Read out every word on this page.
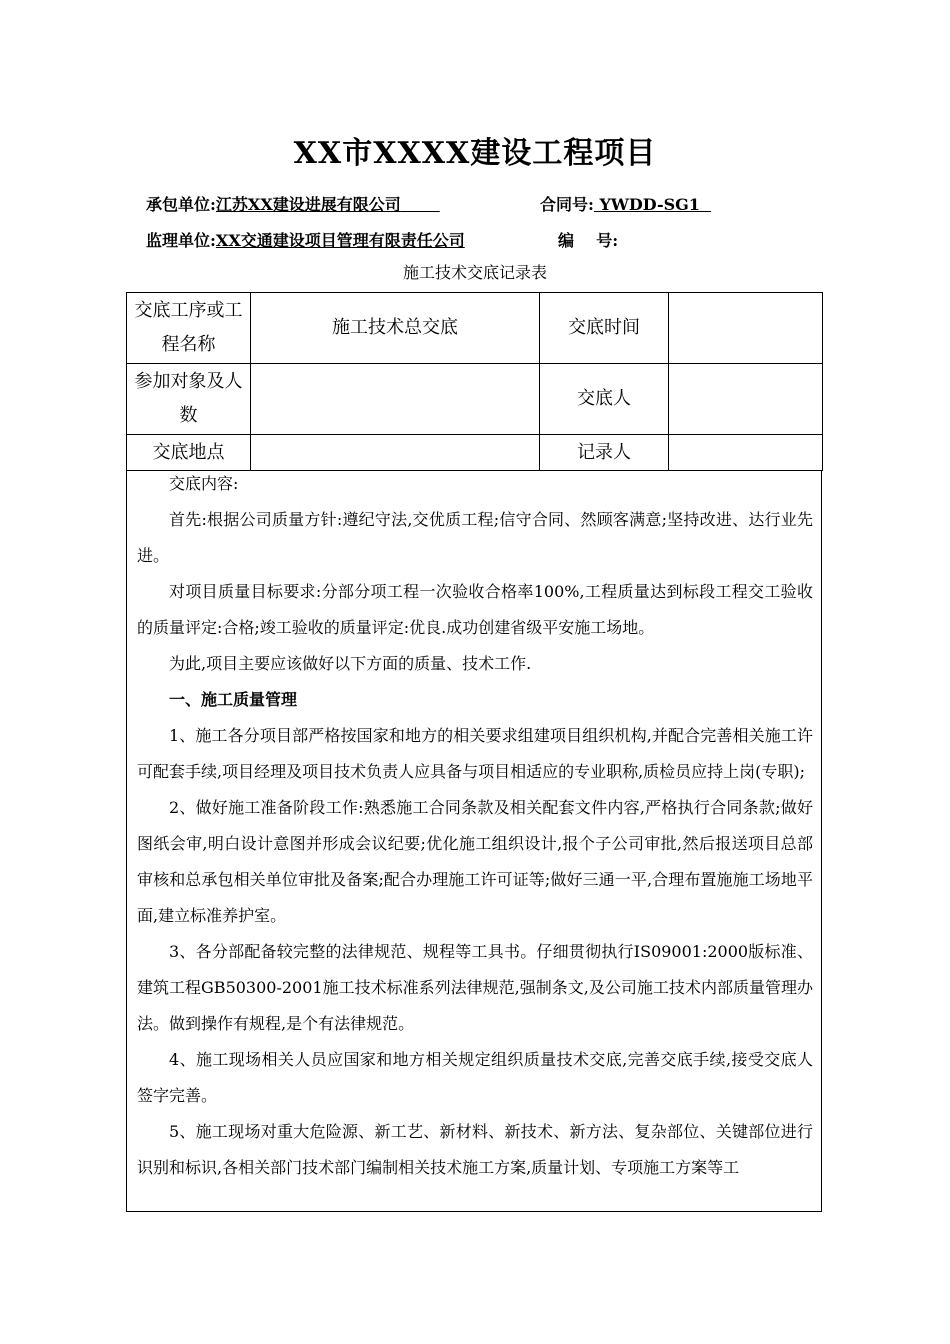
XX市XXXX建设工程项目
承包单位:江苏XX建设进展有限公司	合同号: YWDD-SG1
监理单位:XX交通建设项目管理有限责任公司	编    号:
施工技术交底记录表
交底工序或工程名称	施工技术总交底	交底时间	
参加对象及人数		交底人	
交底地点		记录人	

交底内容:

首先:根据公司质量方针:遵纪守法,交优质工程;信守合同、然顾客满意;坚持改进、达行业先进。

对项目质量目标要求:分部分项工程一次验收合格率100%,工程质量达到标段工程交工验收的质量评定:合格;竣工验收的质量评定:优良.成功创建省级平安施工场地。

为此,项目主要应该做好以下方面的质量、技术工作.

一、施工质量管理

1、施工各分项目部严格按国家和地方的相关要求组建项目组织机构,并配合完善相关施工许可配套手续,项目经理及项目技术负责人应具备与项目相适应的专业职称,质检员应持上岗(专职);

2、做好施工准备阶段工作:熟悉施工合同条款及相关配套文件内容,严格执行合同条款;做好图纸会审,明白设计意图并形成会议纪要;优化施工组织设计,报个子公司审批,然后报送项目总部审核和总承包相关单位审批及备案;配合办理施工许可证等;做好三通一平,合理布置施施工场地平面,建立标准养护室。

3、各分部配备较完整的法律规范、规程等工具书。仔细贯彻执行IS09001:2000版标准、建筑工程GB50300-2001施工技术标准系列法律规范,强制条文,及公司施工技术内部质量管理办法。做到操作有规程,是个有法律规范。

4、施工现场相关人员应国家和地方相关规定组织质量技术交底,完善交底手续,接受交底人签字完善。

5、施工现场对重大危险源、新工艺、新材料、新技术、新方法、复杂部位、关键部位进行识别和标识,各相关部门技术部门编制相关技术施工方案,质量计划、专项施工方案等工
